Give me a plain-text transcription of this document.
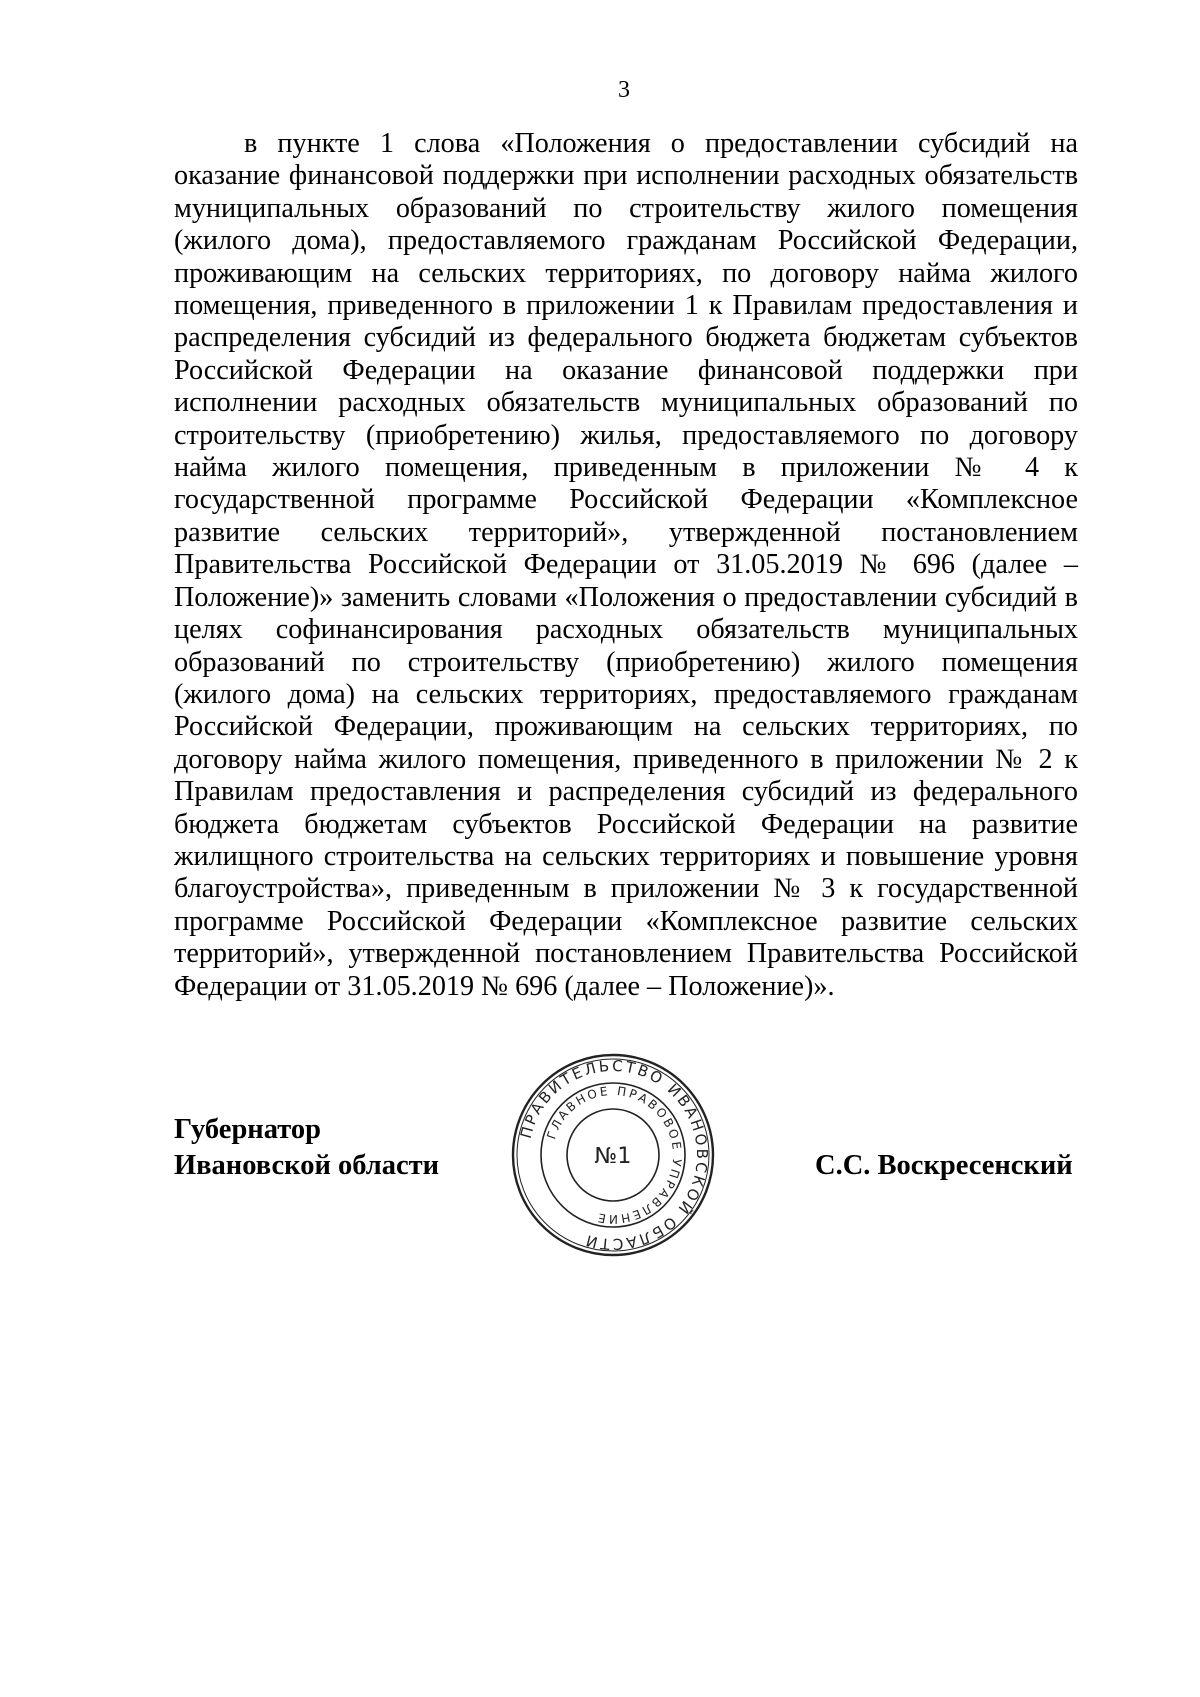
3

в пункте 1 слова «Положения о предоставлении субсидий на оказание финансовой поддержки при исполнении расходных обязательств муниципальных образований по строительству жилого помещения (жилого дома), предоставляемого гражданам Российской Федерации, проживающим на сельских территориях, по договору найма жилого помещения, приведенного в приложении 1 к Правилам предоставления и распределения субсидий из федерального бюджета бюджетам субъектов Российской Федерации на оказание финансовой поддержки при исполнении расходных обязательств муниципальных образований по строительству (приобретению) жилья, предоставляемого по договору найма жилого помещения, приведенным в приложении № 4 к государственной программе Российской Федерации «Комплексное развитие сельских территорий», утвержденной постановлением Правительства Российской Федерации от 31.05.2019 № 696 (далее – Положение)» заменить словами «Положения о предоставлении субсидий в целях софинансирования расходных обязательств муниципальных образований по строительству (приобретению) жилого помещения (жилого дома) на сельских территориях, предоставляемого гражданам Российской Федерации, проживающим на сельских территориях, по договору найма жилого помещения, приведенного в приложении № 2 к Правилам предоставления и распределения субсидий из федерального бюджета бюджетам субъектов Российской Федерации на развитие жилищного строительства на сельских территориях и повышение уровня благоустройства», приведенным в приложении № 3 к государственной программе Российской Федерации «Комплексное развитие сельских территорий», утвержденной постановлением Правительства Российской Федерации от 31.05.2019 № 696 (далее – Положение)».

Губернатор
Ивановской области
ПРАВИТЕЛЬСТВО ИВАНОВСКОЙ ОБЛАСТИ
ГЛАВНОЕ ПРАВОВОЕ УПРАВЛЕНИЕ
№1	С.С. Воскресенский
